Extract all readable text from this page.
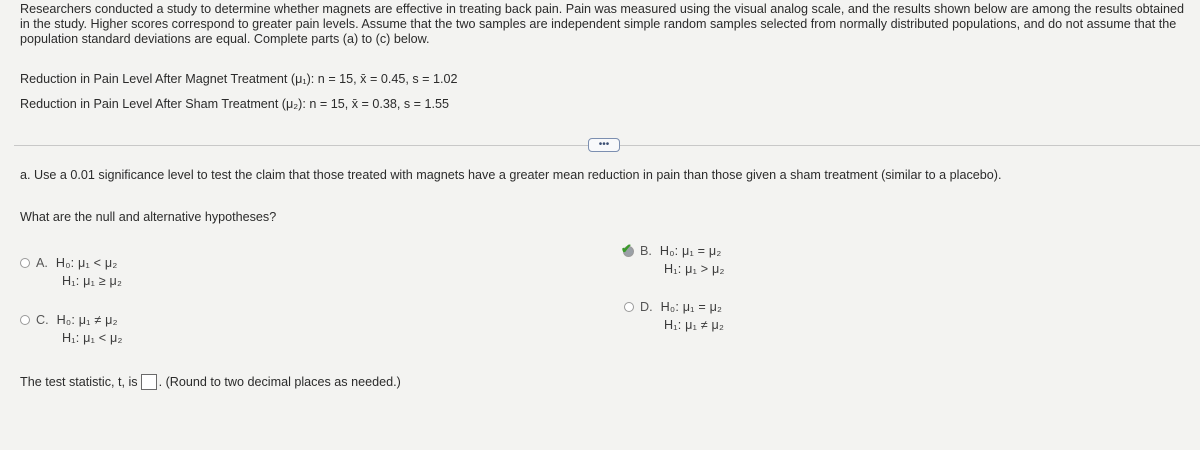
Researchers conducted a study to determine whether magnets are effective in treating back pain. Pain was measured using the visual analog scale, and the results shown below are among the results obtained in the study. Higher scores correspond to greater pain levels. Assume that the two samples are independent simple random samples selected from normally distributed populations, and do not assume that the population standard deviations are equal. Complete parts (a) to (c) below.
Reduction in Pain Level After Magnet Treatment (μ₁): n = 15, x̄ = 0.45, s = 1.02
Reduction in Pain Level After Sham Treatment (μ₂): n = 15, x̄ = 0.38, s = 1.55
•••
a. Use a 0.01 significance level to test the claim that those treated with magnets have a greater mean reduction in pain than those given a sham treatment (similar to a placebo).
What are the null and alternative hypotheses?
A. H₀: μ₁ < μ₂
H₁: μ₁ ≥ μ₂
C. H₀: μ₁ ≠ μ₂
H₁: μ₁ < μ₂
✔ B. H₀: μ₁ = μ₂
H₁: μ₁ > μ₂
D. H₀: μ₁ = μ₂
H₁: μ₁ ≠ μ₂
The test statistic, t, is . (Round to two decimal places as needed.)
